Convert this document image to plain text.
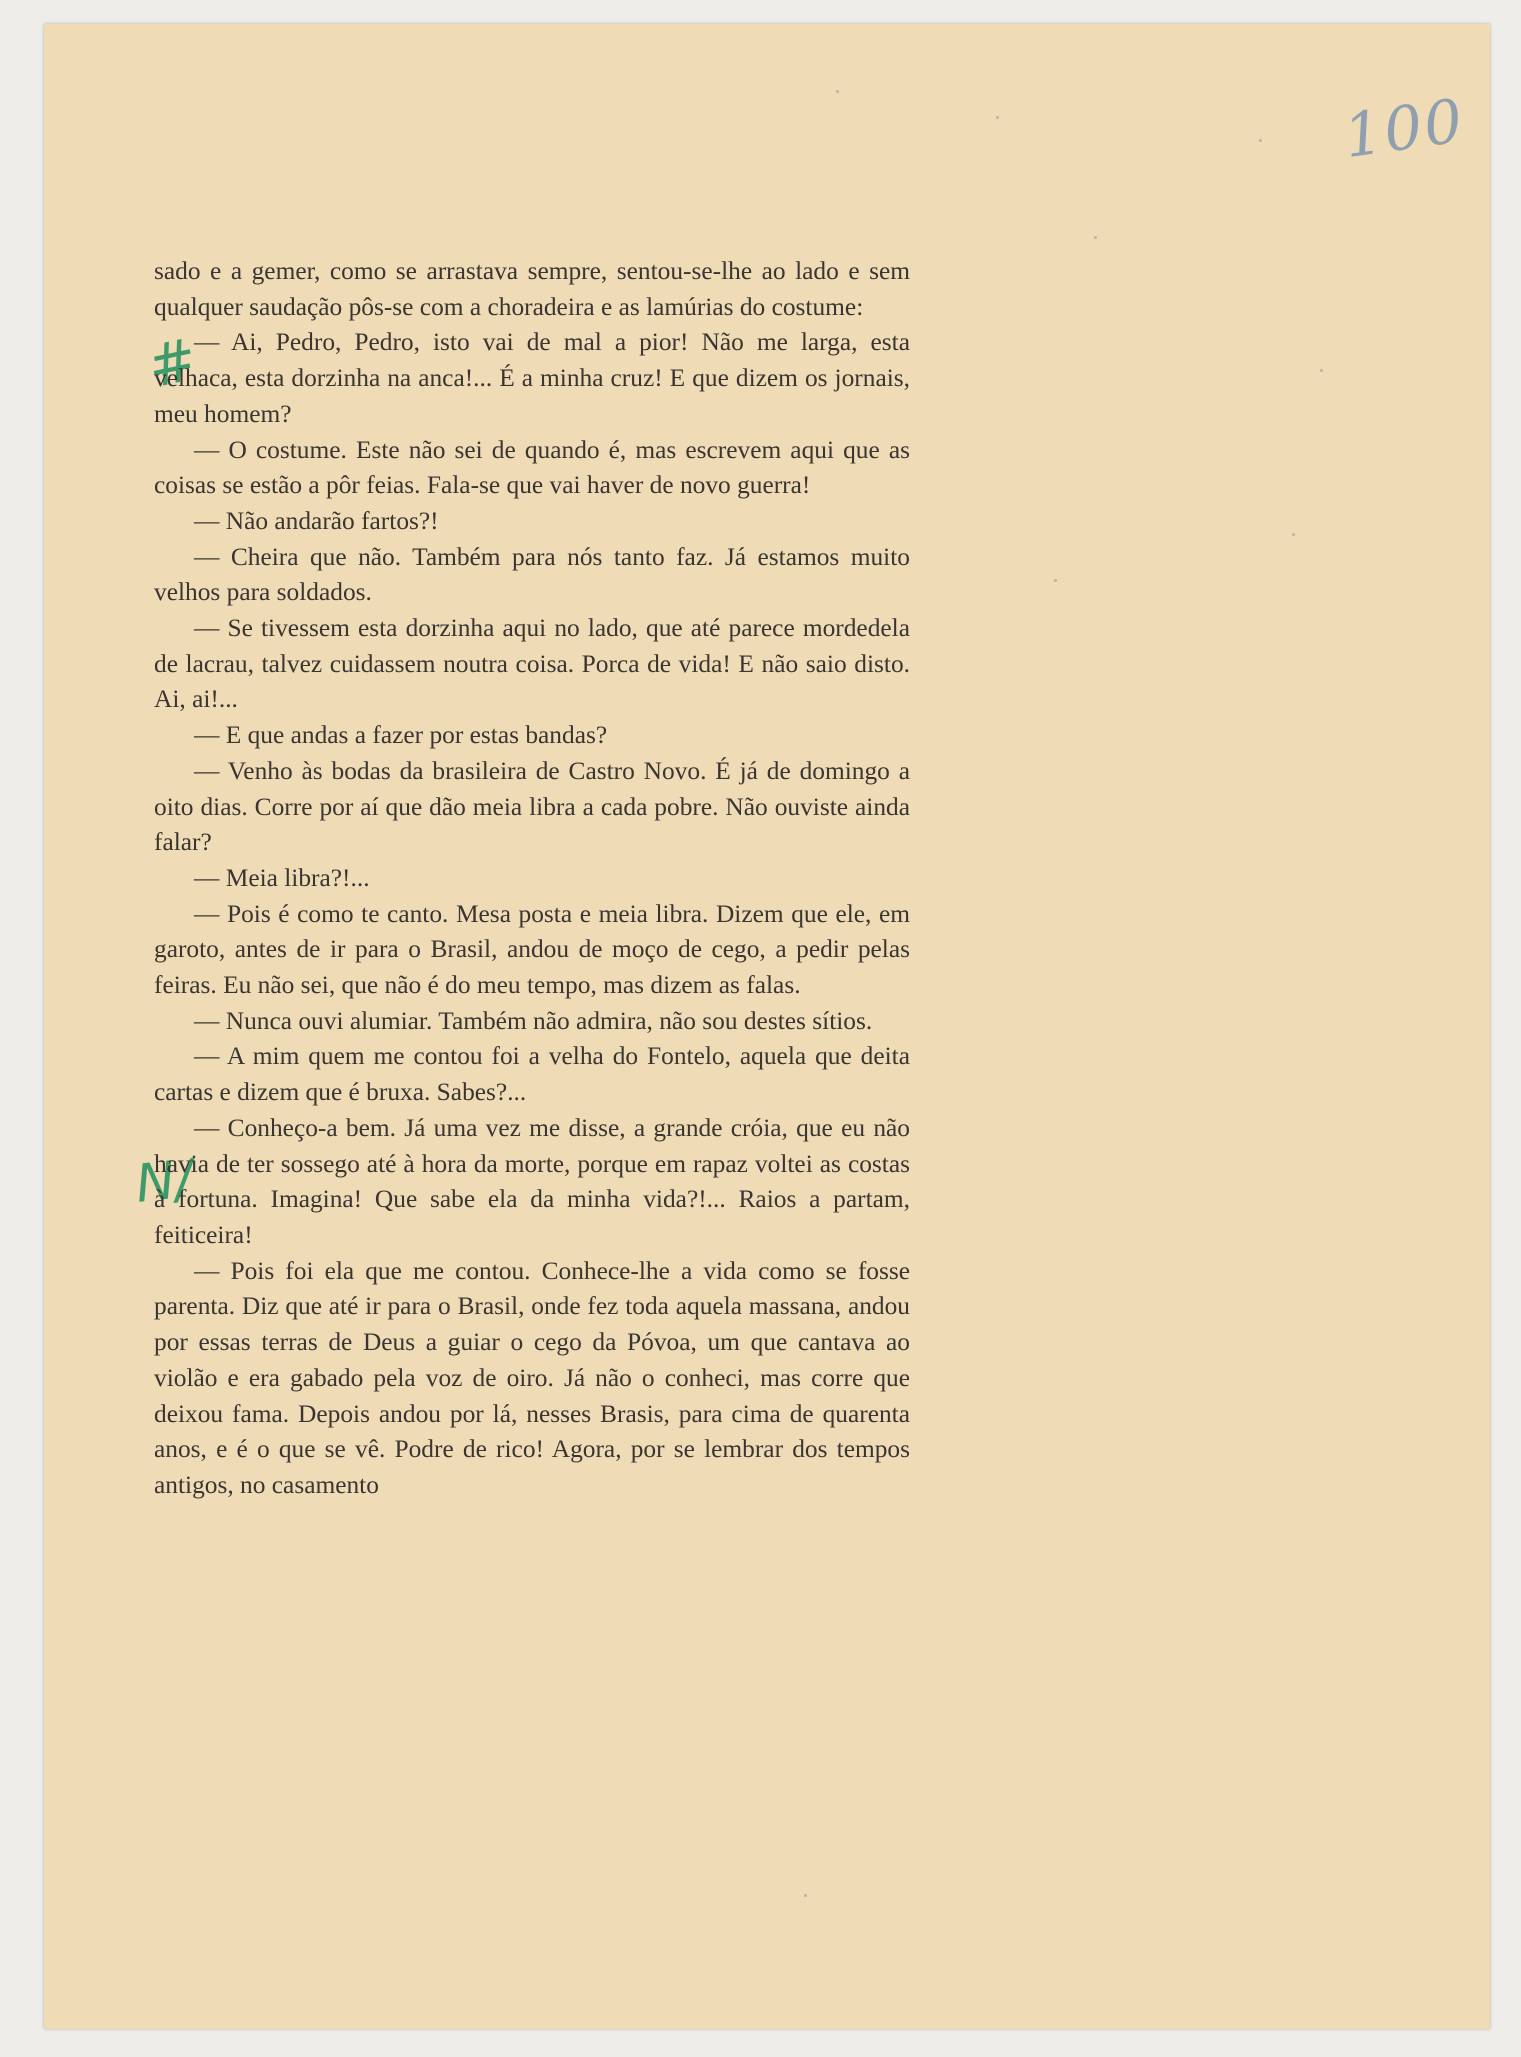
100
#
N/

sado e a gemer, como se arrastava sempre, sentou-se-lhe ao lado e sem qualquer saudação pôs-se com a choradeira e as lamúrias do costume:

— Ai, Pedro, Pedro, isto vai de mal a pior! Não me larga, esta velhaca, esta dorzinha na anca!... É a minha cruz! E que dizem os jornais, meu homem?

— O costume. Este não sei de quando é, mas escrevem aqui que as coisas se estão a pôr feias. Fala-se que vai haver de novo guerra!

— Não andarão fartos?!

— Cheira que não. Também para nós tanto faz. Já estamos muito velhos para soldados.

— Se tivessem esta dorzinha aqui no lado, que até parece mordedela de lacrau, talvez cuidassem noutra coisa. Porca de vida! E não saio disto. Ai, ai!...

— E que andas a fazer por estas bandas?

— Venho às bodas da brasileira de Castro Novo. É já de domingo a oito dias. Corre por aí que dão meia libra a cada pobre. Não ouviste ainda falar?

— Meia libra?!...

— Pois é como te canto. Mesa posta e meia libra. Dizem que ele, em garoto, antes de ir para o Brasil, andou de moço de cego, a pedir pelas feiras. Eu não sei, que não é do meu tempo, mas dizem as falas.

— Nunca ouvi alumiar. Também não admira, não sou destes sítios.

— A mim quem me contou foi a velha do Fontelo, aquela que deita cartas e dizem que é bruxa. Sabes?...

— Conheço-a bem. Já uma vez me disse, a grande cróia, que eu não havia de ter sossego até à hora da morte, porque em rapaz voltei as costas à fortuna. Imagina! Que sabe ela da minha vida?!... Raios a partam, feiticeira!

— Pois foi ela que me contou. Conhece-lhe a vida como se fosse parenta. Diz que até ir para o Brasil, onde fez toda aquela massana, andou por essas terras de Deus a guiar o cego da Póvoa, um que cantava ao violão e era gabado pela voz de oiro. Já não o conheci, mas corre que deixou fama. Depois andou por lá, nesses Brasis, para cima de quarenta anos, e é o que se vê. Podre de rico! Agora, por se lembrar dos tempos antigos, no casamento
